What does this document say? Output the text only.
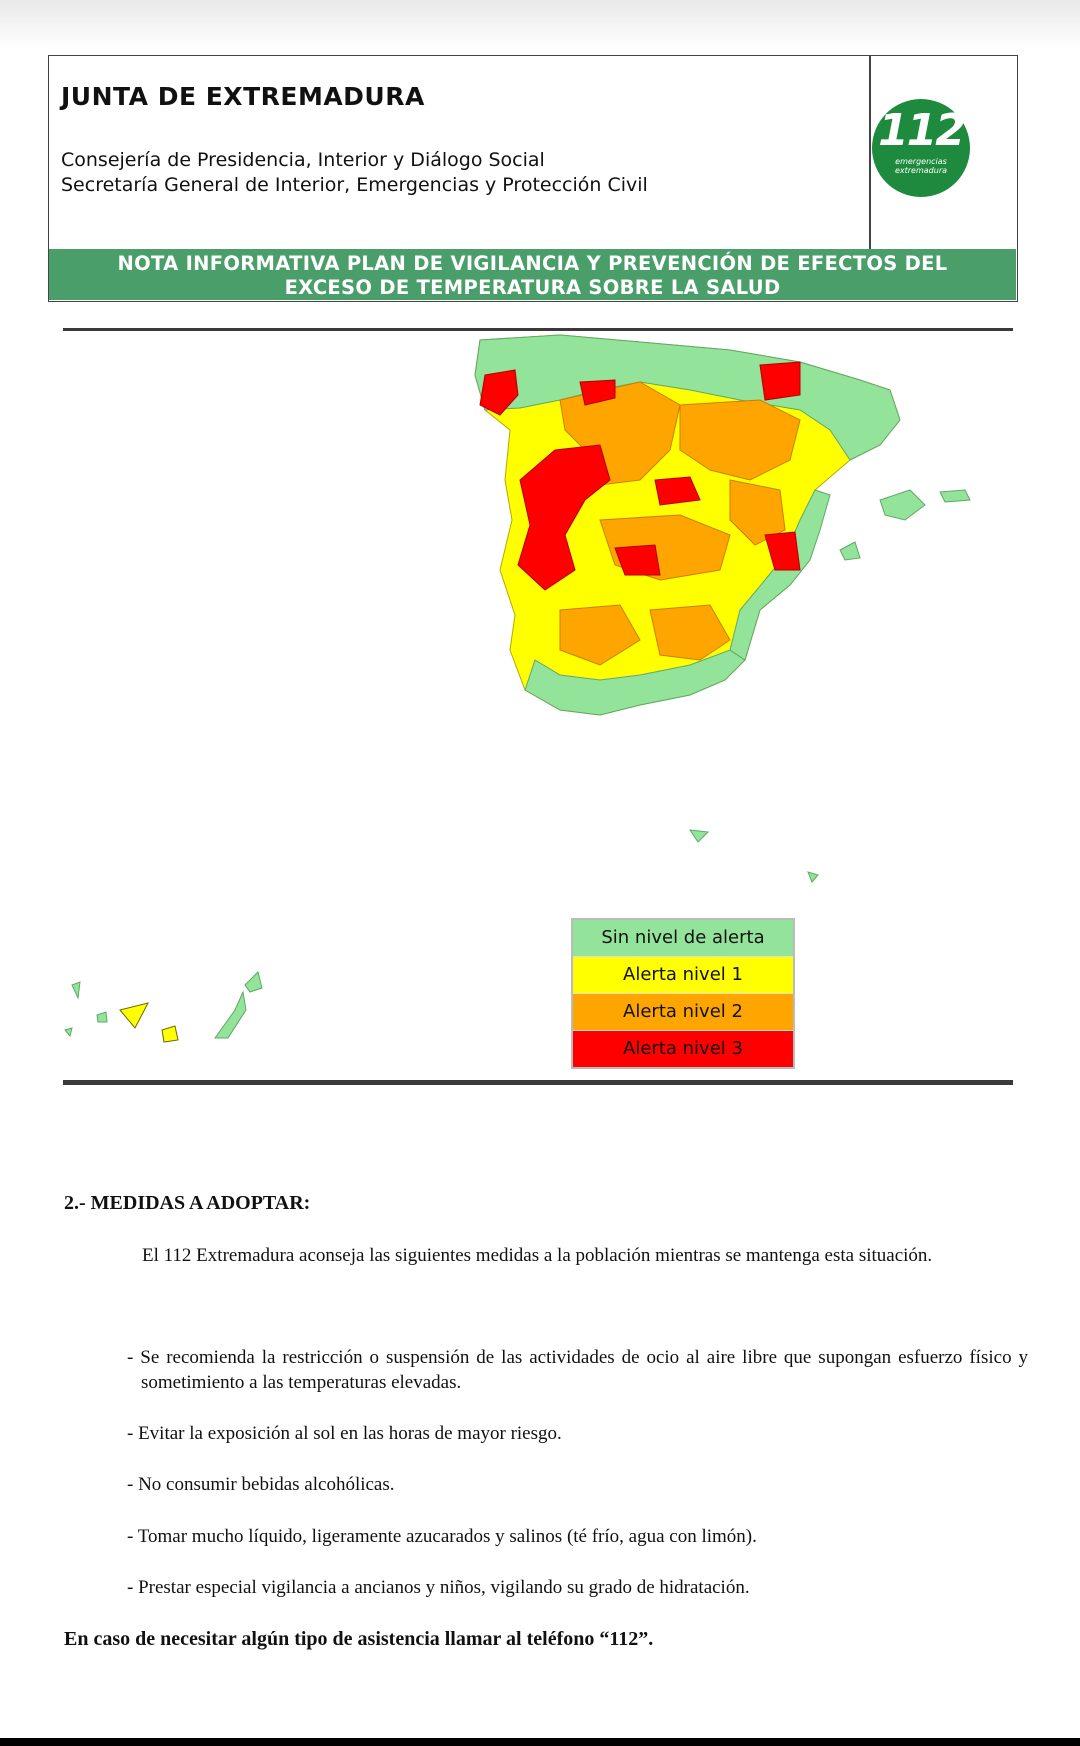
JUNTA DE EXTREMADURA
Consejería de Presidencia, Interior y Diálogo Social
Secretaría General de Interior, Emergencias y Protección Civil
112
emergencias
extremadura
NOTA INFORMATIVA PLAN DE VIGILANCIA Y PREVENCIÓN DE EFECTOS DEL
EXCESO DE TEMPERATURA SOBRE LA SALUD
Sin nivel de alerta
Alerta nivel 1
Alerta nivel 2
Alerta nivel 3
2.- MEDIDAS A ADOPTAR:
El 112 Extremadura aconseja las siguientes medidas a la población mientras se mantenga esta situación.
- Se recomienda la restricción o suspensión de las actividades de ocio al aire libre que supongan esfuerzo físico y sometimiento a las temperaturas elevadas.
- Evitar la exposición al sol en las horas de mayor riesgo.
- No consumir bebidas alcohólicas.
- Tomar mucho líquido, ligeramente azucarados y salinos (té frío, agua con limón).
- Prestar especial vigilancia a ancianos y niños, vigilando su grado de hidratación.
En caso de necesitar algún tipo de asistencia llamar al teléfono “112”.
